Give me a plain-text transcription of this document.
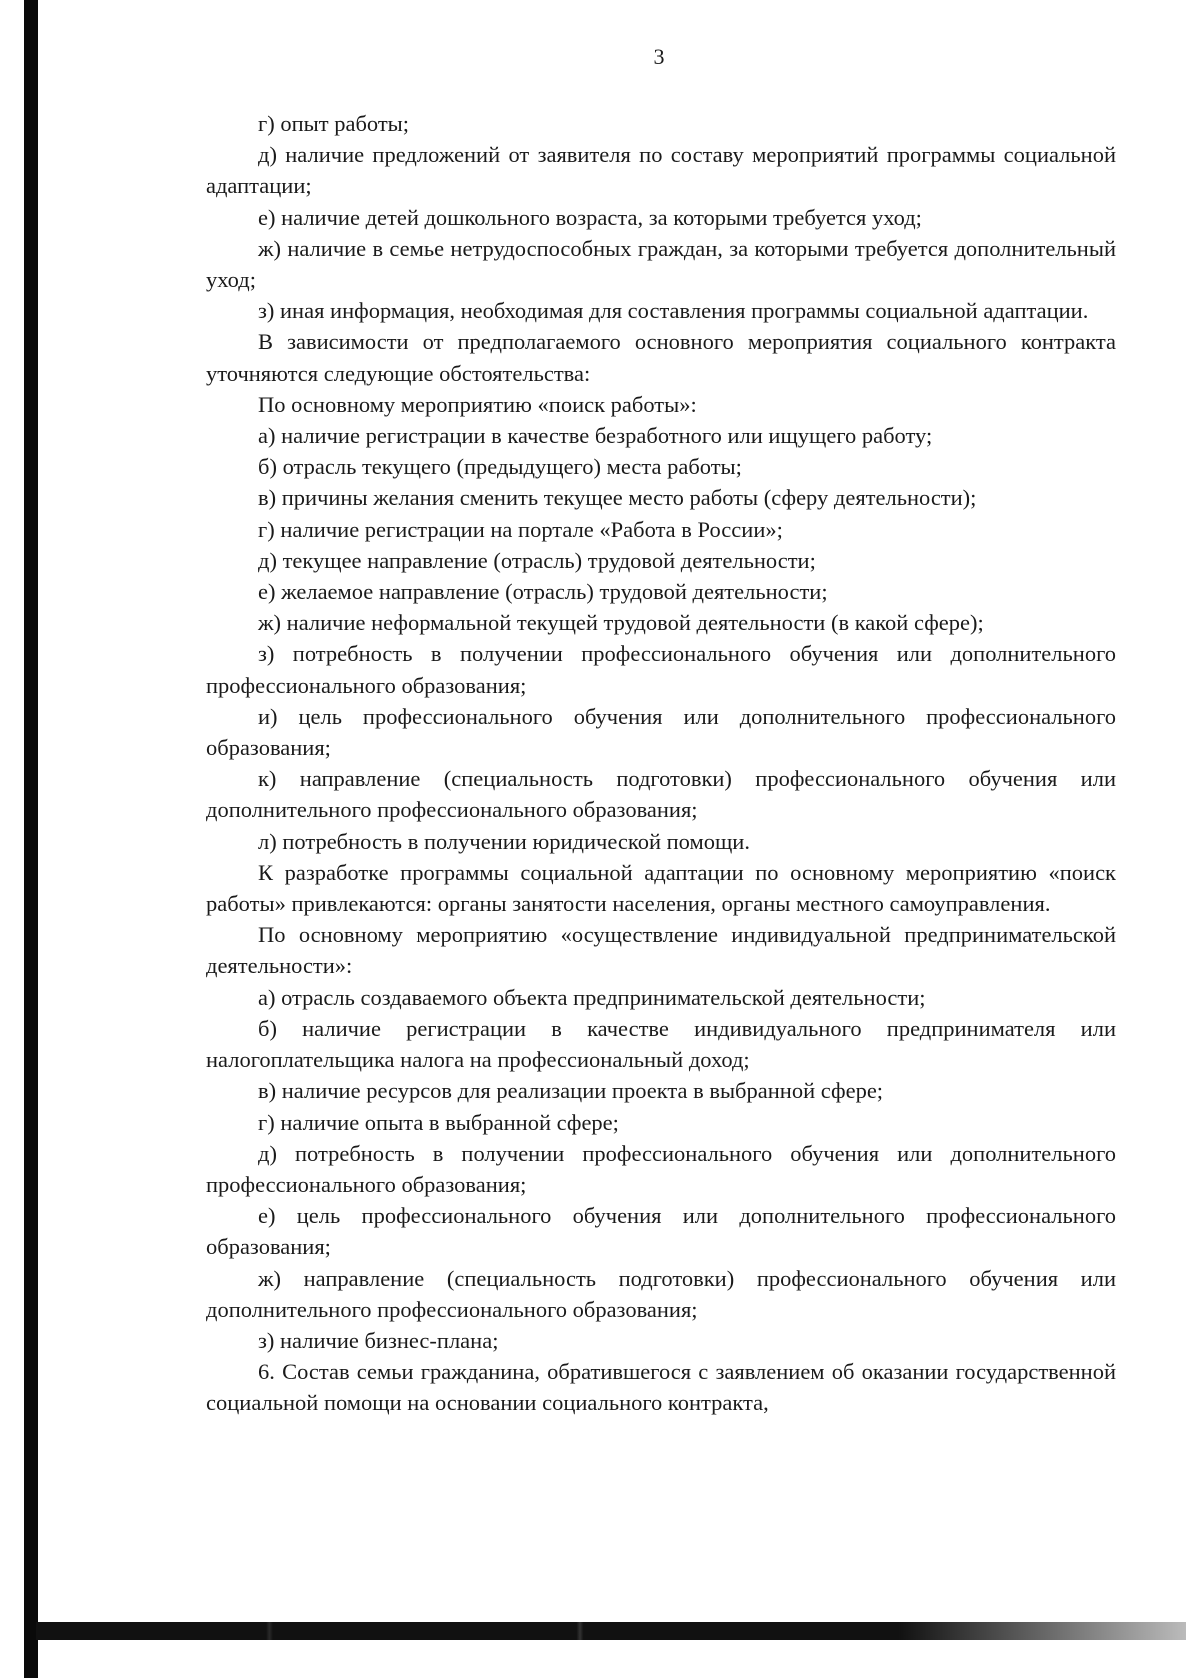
3

г) опыт работы;

д) наличие предложений от заявителя по составу мероприятий программы социальной адаптации;

е) наличие детей дошкольного возраста, за которыми требуется уход;

ж) наличие в семье нетрудоспособных граждан, за которыми требуется дополнительный уход;

з) иная информация, необходимая для составления программы социальной адаптации.

В зависимости от предполагаемого основного мероприятия социального контракта уточняются следующие обстоятельства:

По основному мероприятию «поиск работы»:

а) наличие регистрации в качестве безработного или ищущего работу;

б) отрасль текущего (предыдущего) места работы;

в) причины желания сменить текущее место работы (сферу деятельности);

г) наличие регистрации на портале «Работа в России»;

д) текущее направление (отрасль) трудовой деятельности;

е) желаемое направление (отрасль) трудовой деятельности;

ж) наличие неформальной текущей трудовой деятельности (в какой сфере);

з) потребность в получении профессионального обучения или дополнительного профессионального образования;

и) цель профессионального обучения или дополнительного профессионального образования;

к) направление (специальность подготовки) профессионального обучения или дополнительного профессионального образования;

л) потребность в получении юридической помощи.

К разработке программы социальной адаптации по основному мероприятию «поиск работы» привлекаются: органы занятости населения, органы местного самоуправления.

По основному мероприятию «осуществление индивидуальной предпринимательской деятельности»:

а) отрасль создаваемого объекта предпринимательской деятельности;

б) наличие регистрации в качестве индивидуального предпринимателя или налогоплательщика налога на профессиональный доход;

в) наличие ресурсов для реализации проекта в выбранной сфере;

г) наличие опыта в выбранной сфере;

д) потребность в получении профессионального обучения или дополнительного профессионального образования;

е) цель профессионального обучения или дополнительного профессионального образования;

ж) направление (специальность подготовки) профессионального обучения или дополнительного профессионального образования;

з) наличие бизнес-плана;

6. Состав семьи гражданина, обратившегося с заявлением об оказании государственной социальной помощи на основании социального контракта,
